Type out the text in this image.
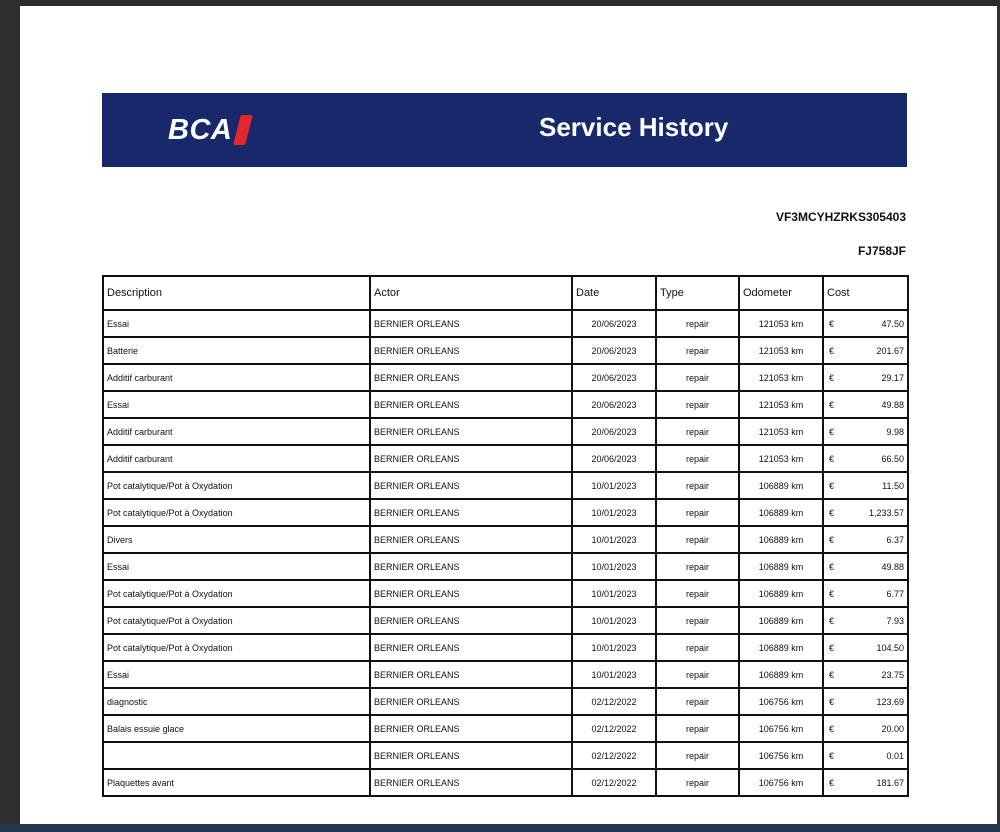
BCA	Service History
VF3MCYHZRKS305403
FJ758JF
Description	Actor	Date	Type	Odometer	Cost
Essai	BERNIER ORLEANS	20/06/2023	repair	121053 km	€ 47.50
Batterie	BERNIER ORLEANS	20/06/2023	repair	121053 km	€ 201.67
Additif carburant	BERNIER ORLEANS	20/06/2023	repair	121053 km	€ 29.17
Essai	BERNIER ORLEANS	20/06/2023	repair	121053 km	€ 49.88
Additif carburant	BERNIER ORLEANS	20/06/2023	repair	121053 km	€ 9.98
Additif carburant	BERNIER ORLEANS	20/06/2023	repair	121053 km	€ 66.50
Pot catalytique/Pot à Oxydation	BERNIER ORLEANS	10/01/2023	repair	106889 km	€ 11.50
Pot catalytique/Pot à Oxydation	BERNIER ORLEANS	10/01/2023	repair	106889 km	€ 1,233.57
Divers	BERNIER ORLEANS	10/01/2023	repair	106889 km	€ 6.37
Essai	BERNIER ORLEANS	10/01/2023	repair	106889 km	€ 49.88
Pot catalytique/Pot à Oxydation	BERNIER ORLEANS	10/01/2023	repair	106889 km	€ 6.77
Pot catalytique/Pot à Oxydation	BERNIER ORLEANS	10/01/2023	repair	106889 km	€ 7.93
Pot catalytique/Pot à Oxydation	BERNIER ORLEANS	10/01/2023	repair	106889 km	€ 104.50
Essai	BERNIER ORLEANS	10/01/2023	repair	106889 km	€ 23.75
diagnostic	BERNIER ORLEANS	02/12/2022	repair	106756 km	€ 123.69
Balais essuie glace	BERNIER ORLEANS	02/12/2022	repair	106756 km	€ 20.00
	BERNIER ORLEANS	02/12/2022	repair	106756 km	€ 0.01
Plaquettes avant	BERNIER ORLEANS	02/12/2022	repair	106756 km	€ 181.67
